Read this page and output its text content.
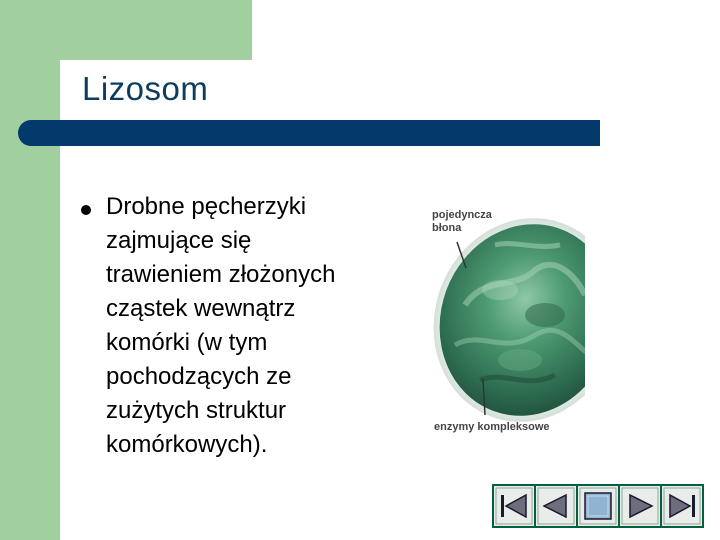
Lizosom
Drobne pęcherzyki
zajmujące się
trawieniem złożonych
cząstek wewnątrz
komórki (w tym
pochodzących ze
zużytych struktur
komórkowych).
pojedyncza
błona
enzymy kompleksowe
